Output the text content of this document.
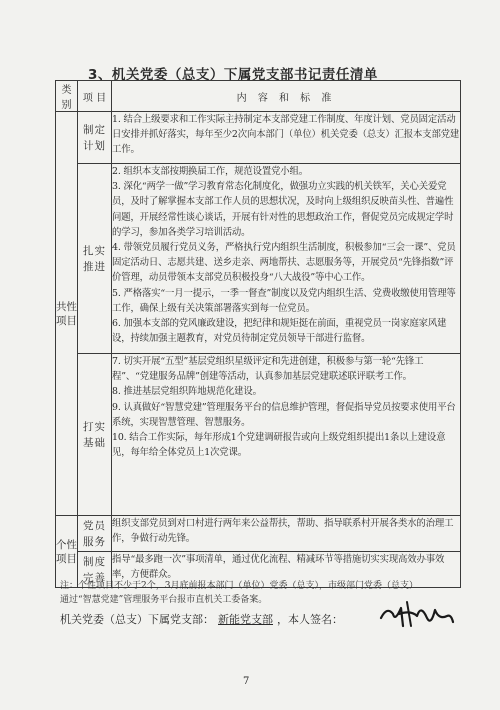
3、机关党委（总支）下属党支部书记责任清单
类 别	项 目	内 容 和 标 准
共性项目	制定计划	1. 结合上级要求和工作实际主持制定本支部党建工作制度、年度计划、党员固定活动日安排并抓好落实，每年至少2次向本部门（单位）机关党委（总支）汇报本支部党建工作。

	扎实推进	2. 组织本支部按期换届工作，规范设置党小组。

3. 深化“两学一做”学习教育常态化制度化，做强功立实践的机关铁军，关心关爱党员，及时了解掌握本支部工作人员的思想状况，及时向上级组织反映苗头性、普遍性问题，开展经常性谈心谈话，开展有针对性的思想政治工作，督促党员完成规定学时的学习，参加各类学习培训活动。

4. 带领党员履行党员义务，严格执行党内组织生活制度，积极参加“三会一课”、党员固定活动日、志愿共建、送乡走亲、两地帮扶、志愿服务等，开展党员“先锋指数”评价管理，动员带领本支部党员积极投身“八大战役”等中心工作。

5. 严格落实“一月一提示，一季一督查”制度以及党内组织生活、党费收缴使用管理等工作，确保上级有关决策部署落实到每一位党员。

6. 加强本支部的党风廉政建设，把纪律和规矩挺在前面，重视党员一岗家庭家风建设，持续加强主题教育，对党员待制定党员领导干部进行监督。

	打实基础	7. 切实开展“五型”基层党组织星级评定和先进创建，积极参与第一轮“先锋工程”、“党建服务品牌”创建等活动，认真参加基层党建联述联评联考工作。

8. 推进基层党组织阵地规范化建设。

9. 认真做好“智慧党建”管理服务平台的信息维护管理，督促指导党员按要求使用平台系统，实现智慧管理、智慧服务。

10. 结合工作实际，每年形成1个党建调研报告或向上级党组织提出1条以上建设意见，每年给全体党员上1次党课。

个性项目	党员服务	组织支部党员到对口村进行两年来公益帮扶，帮助、指导联系村开展各类水的治理工作，争做行动先锋。

	制度完善	指导“最多跑一次”事项清单，通过优化流程、精减环节等措施切实实现高效办事效率，方便群众。

注：个性项目不少于2个，3月底前报本部门（单位）党委（总支），市级部门党委（总支）
通过“智慧党建”管理服务平台报市直机关工委备案。
机关党委（总支）下属党支部： 新能党支部 ，本人签名：
7
